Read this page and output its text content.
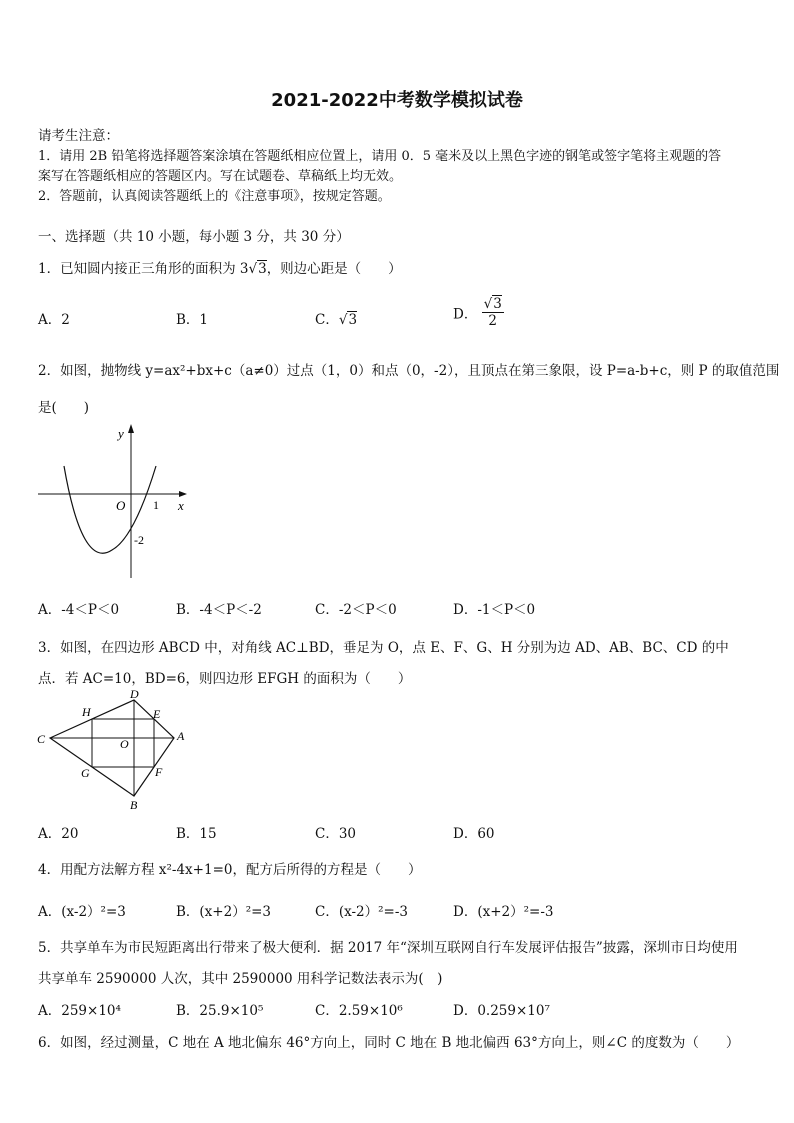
2021-2022中考数学模拟试卷
请考生注意：
1．请用 2B 铅笔将选择题答案涂填在答题纸相应位置上，请用 0．5 毫米及以上黑色字迹的钢笔或签字笔将主观题的答
案写在答题纸相应的答题区内。写在试题卷、草稿纸上均无效。
2．答题前，认真阅读答题纸上的《注意事项》，按规定答题。
一、选择题（共 10 小题，每小题 3 分，共 30 分）
1．已知圆内接正三角形的面积为 3√3，则边心距是（　　）
A．2	B．1	C．√3	D． $\frac{√3}{2}$
2．如图，抛物线 y=ax²+bx+c（a≠0）过点（1，0）和点（0，-2），且顶点在第三象限，设 P=a-b+c，则 P 的取值范围
是(　　)
y
x
O 1
-2
A．-4＜P＜0	B．-4＜P＜-2	C．-2＜P＜0	D．-1＜P＜0
3．如图，在四边形 ABCD 中，对角线 AC⊥BD，垂足为 O，点 E、F、G、H 分别为边 AD、AB、BC、CD 的中
点．若 AC=10，BD=6，则四边形 EFGH 的面积为（　　）
D
H	E
C	A
O
G	F
B
A．20	B．15	C．30	D．60
4．用配方法解方程 x²-4x+1=0，配方后所得的方程是（　　）
A．(x-2）²=3	B．(x+2）²=3	C．(x-2）²=-3	D．(x+2）²=-3
5．共享单车为市民短距离出行带来了极大便利．据 2017 年“深圳互联网自行车发展评估报告”披露，深圳市日均使用
共享单车 2590000 人次，其中 2590000 用科学记数法表示为(　)
A．259×10⁴	B．25.9×10⁵	C．2.59×10⁶	D．0.259×10⁷
6．如图，经过测量，C 地在 A 地北偏东 46°方向上，同时 C 地在 B 地北偏西 63°方向上，则∠C 的度数为（　　）
